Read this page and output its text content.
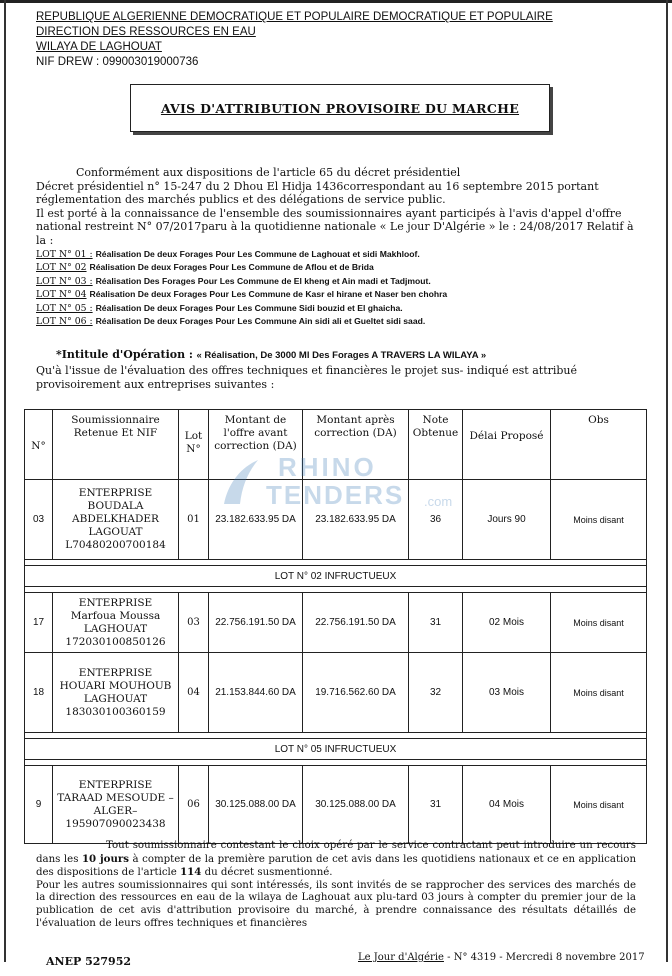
REPUBLIQUE ALGERIENNE DEMOCRATIQUE ET POPULAIRE DEMOCRATIQUE ET POPULAIRE
DIRECTION DES RESSOURCES EN EAU
WILAYA DE LAGHOUAT
NIF DREW : 099003019000736
AVIS D'ATTRIBUTION PROVISOIRE DU MARCHE
Conformément aux dispositions de l'article 65 du décret présidentiel
Décret présidentiel n° 15-247 du 2 Dhou El Hidja 1436correspondant au 16 septembre 2015 portant
réglementation des marchés publics et des délégations de service public.
Il est porté à la connaissance de l'ensemble des soumissionnaires ayant participés à l'avis d'appel d'offre
national restreint N° 07/2017paru à la quotidienne nationale « Le jour D'Algérie » le : 24/08/2017 Relatif à la :
LOT N° 01 : Réalisation De deux Forages Pour Les Commune de Laghouat et sidi Makhloof.
LOT N° 02 Réalisation De deux Forages Pour Les Commune de Aflou et de Brida
LOT N° 03 : Réalisation Des Forages Pour Les Commune de El kheng et Ain madi et Tadjmout.
LOT N° 04 Réalisation De deux Forages Pour Les Commune de Kasr el hirane et Naser ben chohra
LOT N° 05 : Réalisation De deux Forages Pour Les Commune Sidi bouzid et El ghaicha.
LOT N° 06 : Réalisation De deux Forages Pour Les Commune Ain sidi ali et Gueltet sidi saad.
*Intitule d'Opération : « Réalisation, De 3000 Ml Des Forages A TRAVERS LA WILAYA »
Qu'à l'issue de l'évaluation des offres techniques et financières le projet sus- indiqué est attribué provisoirement aux entreprises suivantes :
N°	Soumissionnaire Retenue Et NIF	Lot N°	Montant de l'offre avant correction (DA)	Montant après correction (DA)	Note Obtenue	Délai Proposé	Obs
03	ENTERPRISE BOUDALA ABDELKHADER LAGOUAT L70480200700184	01	23.182.633.95 DA	23.182.633.95 DA	36	Jours 90	Moins disant

LOT N° 02 INFRUCTUEUX							

17	ENTERPRISE Marfoua Moussa LAGHOUAT 172030100850126	03	22.756.191.50 DA	22.756.191.50 DA	31	02 Mois	Moins disant
18	ENTERPRISE HOUARI MOUHOUB LAGHOUAT 183030100360159	04	21.153.844.60 DA	19.716.562.60 DA	32	03 Mois	Moins disant

LOT N° 05 INFRUCTUEUX							

9	ENTERPRISE TARAAD MESOUDE –ALGER– 195907090023438	06	30.125.088.00 DA	30.125.088.00 DA	31	04 Mois	Moins disant
RHINO
TENDERS .com
Tout soumissionnaire contestant le choix opéré par le service contractant peut introduire un recours dans les 10 jours à compter de la première parution de cet avis dans les quotidiens nationaux et ce en application des dispositions de l'article 114 du décret susmentionné.
Pour les autres soumissionnaires qui sont intéressés, ils sont invités de se rapprocher des services des marchés de la direction des ressources en eau de la wilaya de Laghouat aux plu-tard 03 jours à compter du premier jour de la publication de cet avis d'attribution provisoire du marché, à prendre connaissance des résultats détaillés de l'évaluation de leurs offres techniques et financières
ANEP 527952	Le Jour d'Algérie - N° 4319 - Mercredi 8 novembre 2017
